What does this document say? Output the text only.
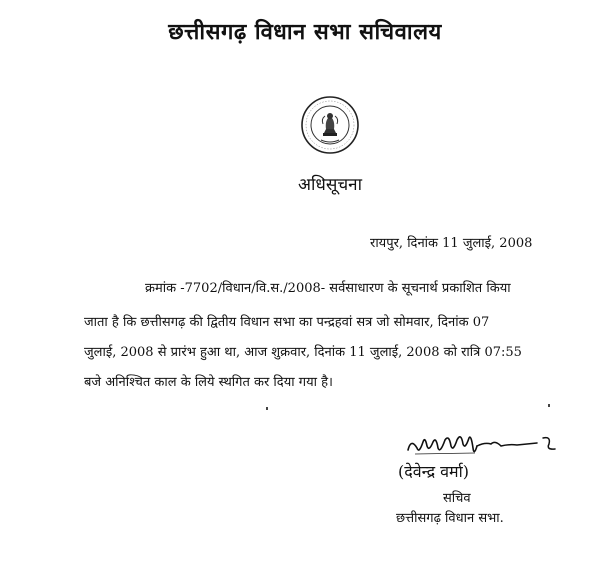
छत्तीसगढ़ विधान सभा सचिवालय
अधिसूचना
रायपुर, दिनांक 11 जुलाई, 2008
क्रमांक -7702/विधान/वि.स./2008- सर्वसाधारण के सूचनार्थ प्रकाशित किया
जाता है कि छत्तीसगढ़ की द्वितीय विधान सभा का पन्द्रहवां सत्र जो सोमवार, दिनांक 07
जुलाई, 2008 से प्रारंभ हुआ था, आज शुक्रवार, दिनांक 11 जुलाई, 2008 को रात्रि 07:55
बजे अनिश्चित काल के लिये स्थगित कर दिया गया है।
(देवेन्द्र वर्मा)
सचिव
छत्तीसगढ़ विधान सभा.
